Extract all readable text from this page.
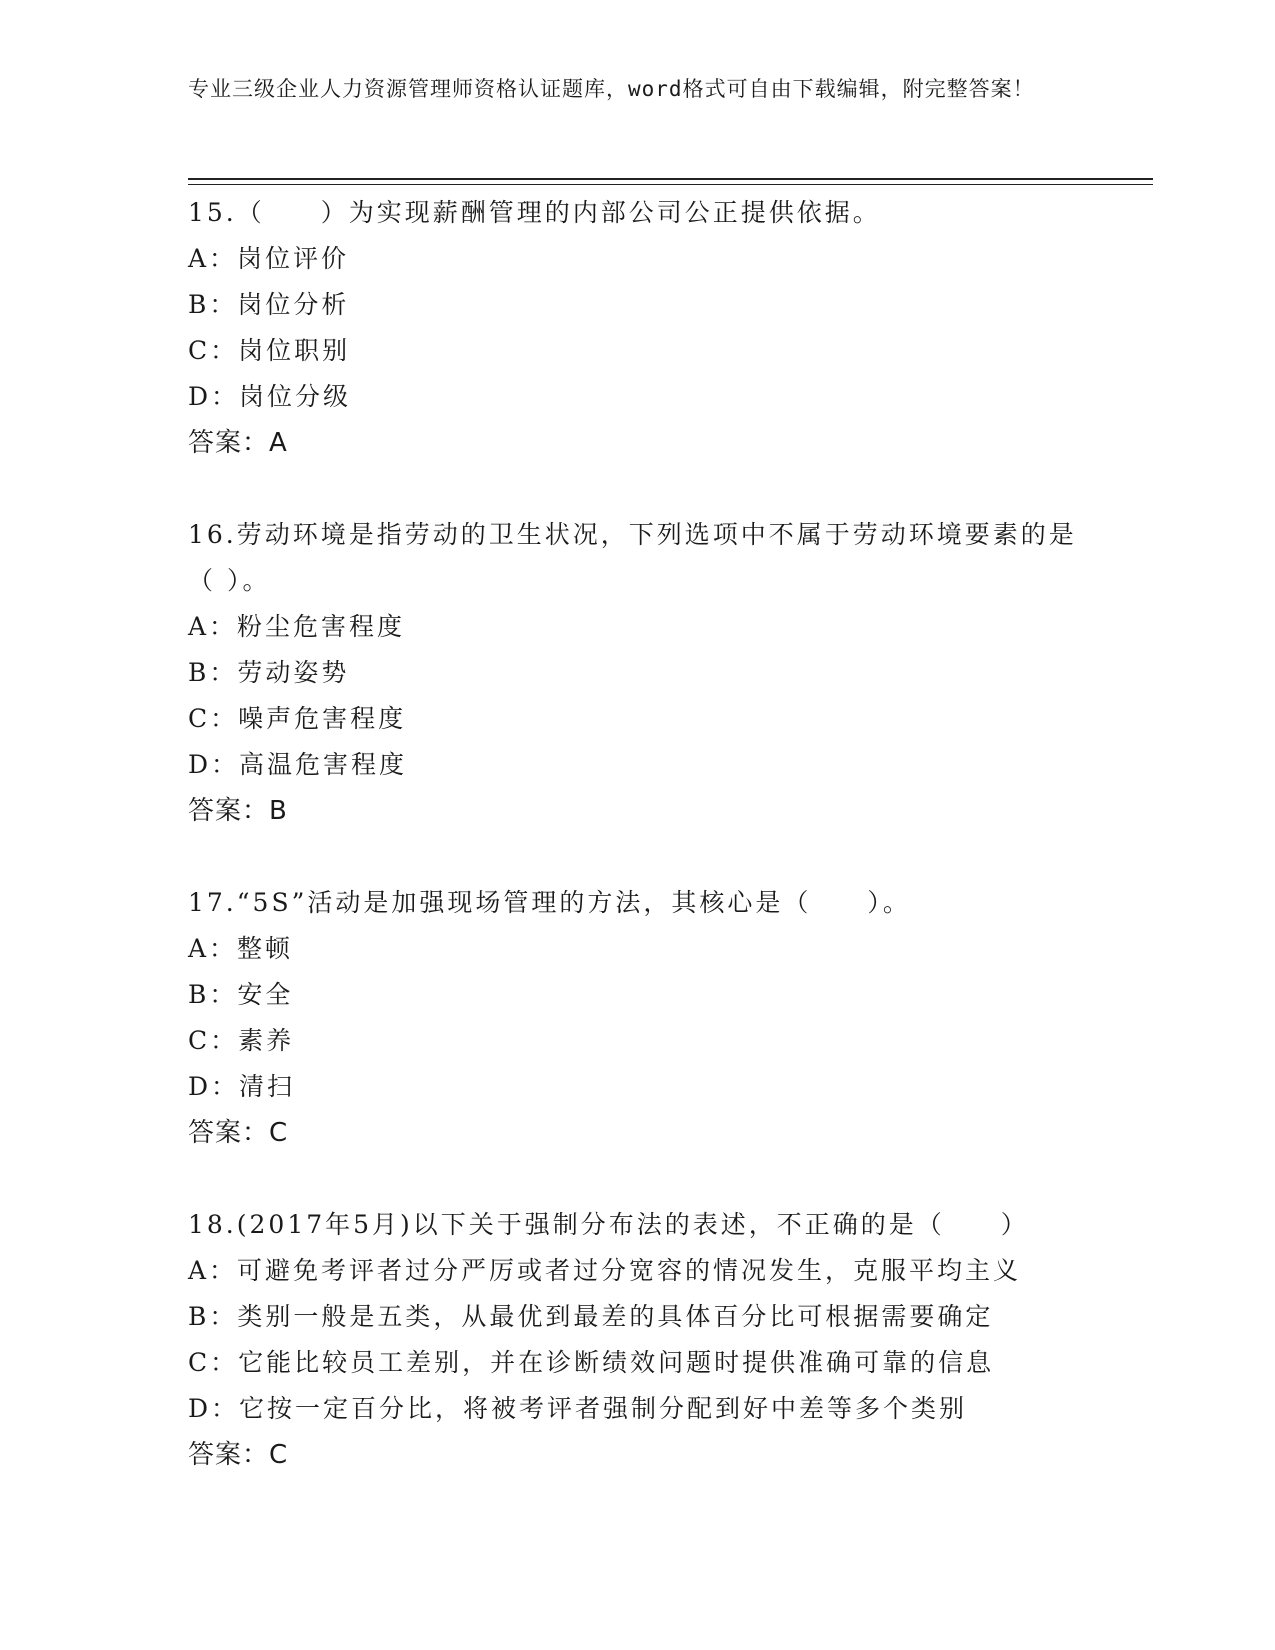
专业三级企业人力资源管理师资格认证题库，word格式可自由下载编辑，附完整答案！
15.（　　）为实现薪酬管理的内部公司公正提供依据。
A：岗位评价
B：岗位分析
C：岗位职别
D：岗位分级
答案：A
16.劳动环境是指劳动的卫生状况，下列选项中不属于劳动环境要素的是（ ）。
A：粉尘危害程度
B：劳动姿势
C：噪声危害程度
D：高温危害程度
答案：B
17.“5S”活动是加强现场管理的方法，其核心是（　　）。
A：整顿
B：安全
C：素养
D：清扫
答案：C
18.(2017年5月)以下关于强制分布法的表述，不正确的是（　　）
A：可避免考评者过分严厉或者过分宽容的情况发生，克服平均主义
B：类别一般是五类，从最优到最差的具体百分比可根据需要确定
C：它能比较员工差别，并在诊断绩效问题时提供准确可靠的信息
D：它按一定百分比，将被考评者强制分配到好中差等多个类别
答案：C
